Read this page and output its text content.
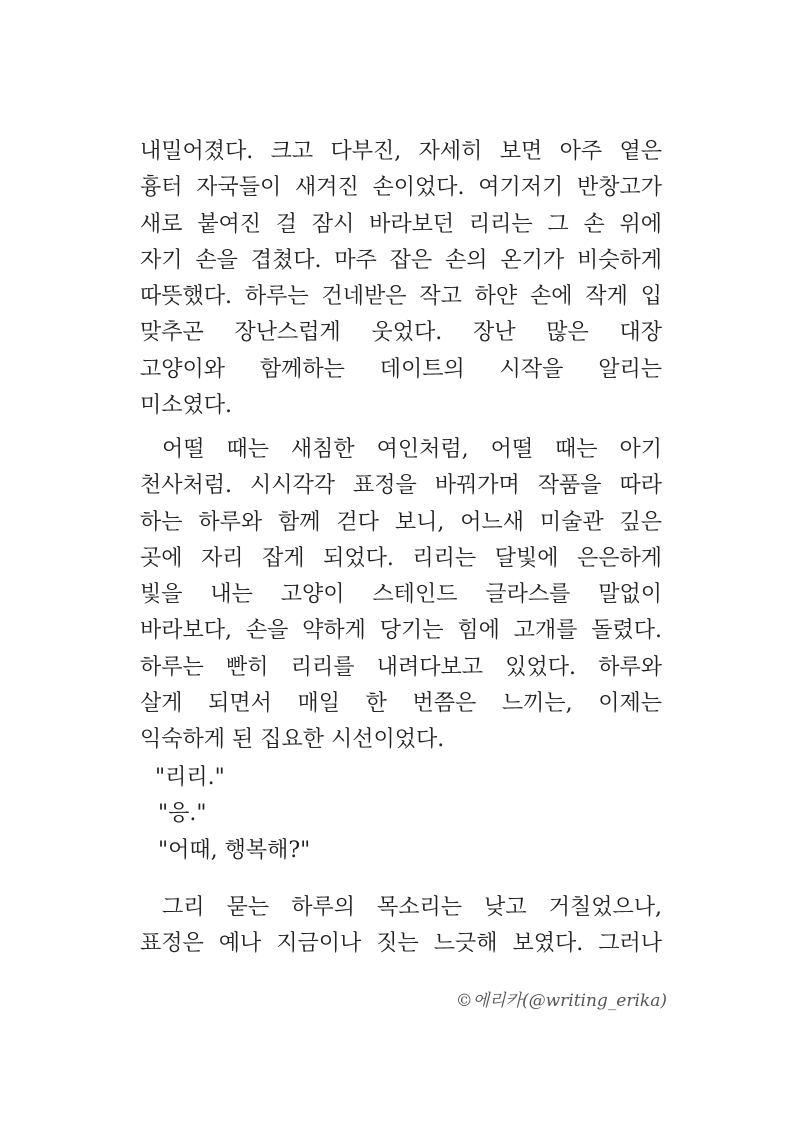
내밀어졌다. 크고 다부진, 자세히 보면 아주 옅은
흉터 자국들이 새겨진 손이었다. 여기저기 반창고가
새로 붙여진 걸 잠시 바라보던 리리는 그 손 위에
자기 손을 겹쳤다. 마주 잡은 손의 온기가 비슷하게
따뜻했다. 하루는 건네받은 작고 하얀 손에 작게 입
맞추곤 장난스럽게 웃었다. 장난 많은 대장
고양이와 함께하는 데이트의 시작을 알리는
미소였다.
어떨 때는 새침한 여인처럼, 어떨 때는 아기
천사처럼. 시시각각 표정을 바꿔가며 작품을 따라
하는 하루와 함께 걷다 보니, 어느새 미술관 깊은
곳에 자리 잡게 되었다. 리리는 달빛에 은은하게
빛을 내는 고양이 스테인드 글라스를 말없이
바라보다, 손을 약하게 당기는 힘에 고개를 돌렸다.
하루는 빤히 리리를 내려다보고 있었다. 하루와
살게 되면서 매일 한 번쯤은 느끼는, 이제는
익숙하게 된 집요한 시선이었다.
"리리."
"응."
"어때, 행복해?"
그리 묻는 하루의 목소리는 낮고 거칠었으나,
표정은 예나 지금이나 짓는 느긋해 보였다. 그러나
©에리카(@writing_erika)
